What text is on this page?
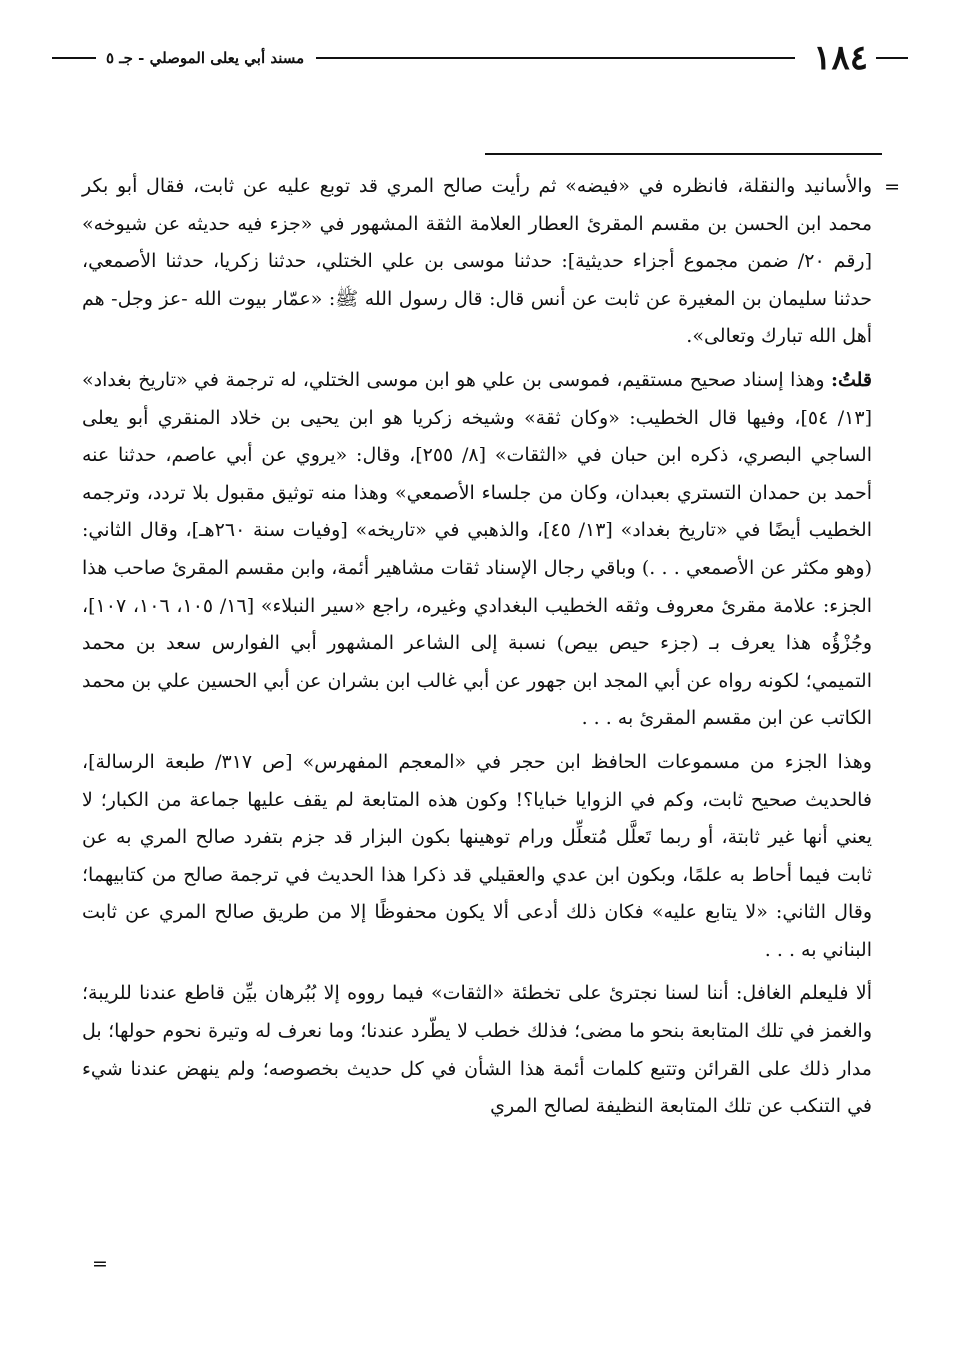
١٨٤
مسند أبي يعلى الموصلي - جـ ٥
=

والأسانيد والنقلة، فانظره في «فيضه» ثم رأيت صالح المري قد توبع عليه عن ثابت، فقال أبو بكر محمد ابن الحسن بن مقسم المقرئ العطار العلامة الثقة المشهور في «جزء فيه حديثه عن شيوخه» [رقم ٢٠/ ضمن مجموع أجزاء حديثية]: حدثنا موسى بن علي الختلي، حدثنا زكريا، حدثنا الأصمعي، حدثنا سليمان بن المغيرة عن ثابت عن أنس قال: قال رسول الله ﷺ: «عمّار بيوت الله -عز وجل- هم أهل الله تبارك وتعالى».

قلتُ: وهذا إسناد صحيح مستقيم، فموسى بن علي هو ابن موسى الختلي، له ترجمة في «تاريخ بغداد» [١٣/ ٥٤]، وفيها قال الخطيب: «وكان ثقة» وشيخه زكريا هو ابن يحيى بن خلاد المنقري أبو يعلى الساجي البصري، ذكره ابن حبان في «الثقات» [٨/ ٢٥٥]، وقال: «يروي عن أبي عاصم، حدثنا عنه أحمد بن حمدان التستري بعبدان، وكان من جلساء الأصمعي» وهذا منه توثيق مقبول بلا تردد، وترجمه الخطيب أيضًا في «تاريخ بغداد» [١٣/ ٤٥]، والذهبي في «تاريخه» [وفيات سنة ٢٦٠هـ]، وقال الثاني: (وهو مكثر عن الأصمعي . . .) وباقي رجال الإسناد ثقات مشاهير أئمة، وابن مقسم المقرئ صاحب هذا الجزء: علامة مقرئ معروف وثقه الخطيب البغدادي وغيره، راجع «سير النبلاء» [١٦/ ١٠٥، ١٠٦، ١٠٧]، وجُزْؤُه هذا يعرف بـ (جزء حيص بيص) نسبة إلى الشاعر المشهور أبي الفوارس سعد بن محمد التميمي؛ لكونه رواه عن أبي المجد ابن جهور عن أبي غالب ابن بشران عن أبي الحسين علي بن محمد الكاتب عن ابن مقسم المقرئ به . . .

وهذا الجزء من مسموعات الحافظ ابن حجر في «المعجم المفهرس» [ص ٣١٧/ طبعة الرسالة]، فالحديث صحيح ثابت، وكم في الزوايا خبايا؟! وكون هذه المتابعة لم يقف عليها جماعة من الكبار؛ لا يعني أنها غير ثابتة، أو ربما تَعلَّل مُتعلِّل ورام توهينها بكون البزار قد جزم بتفرد صالح المري به عن ثابت فيما أحاط به علمًا، وبكون ابن عدي والعقيلي قد ذكرا هذا الحديث في ترجمة صالح من كتابيهما؛ وقال الثاني: «لا يتابع عليه» فكان ذلك أدعى ألا يكون محفوظًا إلا من طريق صالح المري عن ثابت البناني به . . .

ألا فليعلم الغافل: أننا لسنا نجترئ على تخطئة «الثقات» فيما رووه إلا بُبُرهان بيِّن قاطع عندنا للريبة؛ والغمز في تلك المتابعة بنحو ما مضى؛ فذلك خطب لا يطّرد عندنا؛ وما نعرف له وتيرة نحوم حولها؛ بل مدار ذلك على القرائن وتتبع كلمات أئمة هذا الشأن في كل حديث بخصوصه؛ ولم ينهض عندنا شيء في التنكب عن تلك المتابعة النظيفة لصالح المري

=
